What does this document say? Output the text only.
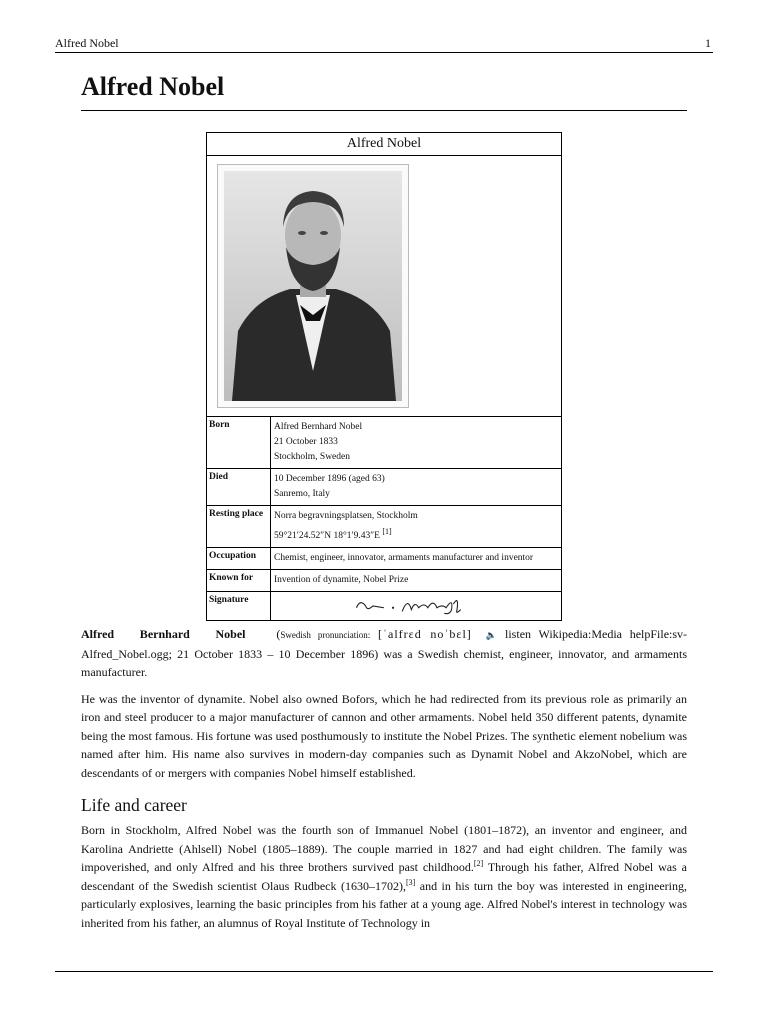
Alfred Nobel	1
Alfred Nobel
Alfred Nobel
Born	Alfred Bernhard Nobel
21 October 1833
Stockholm, Sweden
Died	10 December 1896 (aged 63)
Sanremo, Italy
Resting place	Norra begravningsplatsen, Stockholm
59°21′24.52″N 18°1′9.43″E [1]
Occupation	Chemist, engineer, innovator, armaments manufacturer and inventor
Known for	Invention of dynamite, Nobel Prize
Signature

Alfred Bernhard Nobel	(Swedish pronunciation: [ˈalfrɛd noˈbɛl] 🔈 listen Wikipedia:Media helpFile:sv-Alfred_Nobel.ogg; 21 October 1833 – 10 December 1896) was a Swedish chemist, engineer, innovator, and armaments manufacturer.

He was the inventor of dynamite. Nobel also owned Bofors, which he had redirected from its previous role as primarily an iron and steel producer to a major manufacturer of cannon and other armaments. Nobel held 350 different patents, dynamite being the most famous. His fortune was used posthumously to institute the Nobel Prizes. The synthetic element nobelium was named after him. His name also survives in modern-day companies such as Dynamit Nobel and AkzoNobel, which are descendants of or mergers with companies Nobel himself established.

Life and career

Born in Stockholm, Alfred Nobel was the fourth son of Immanuel Nobel (1801–1872), an inventor and engineer, and Karolina Andriette (Ahlsell) Nobel (1805–1889). The couple married in 1827 and had eight children. The family was impoverished, and only Alfred and his three brothers survived past childhood.[2] Through his father, Alfred Nobel was a descendant of the Swedish scientist Olaus Rudbeck (1630–1702),[3] and in his turn the boy was interested in engineering, particularly explosives, learning the basic principles from his father at a young age. Alfred Nobel's interest in technology was inherited from his father, an alumnus of Royal Institute of Technology in
